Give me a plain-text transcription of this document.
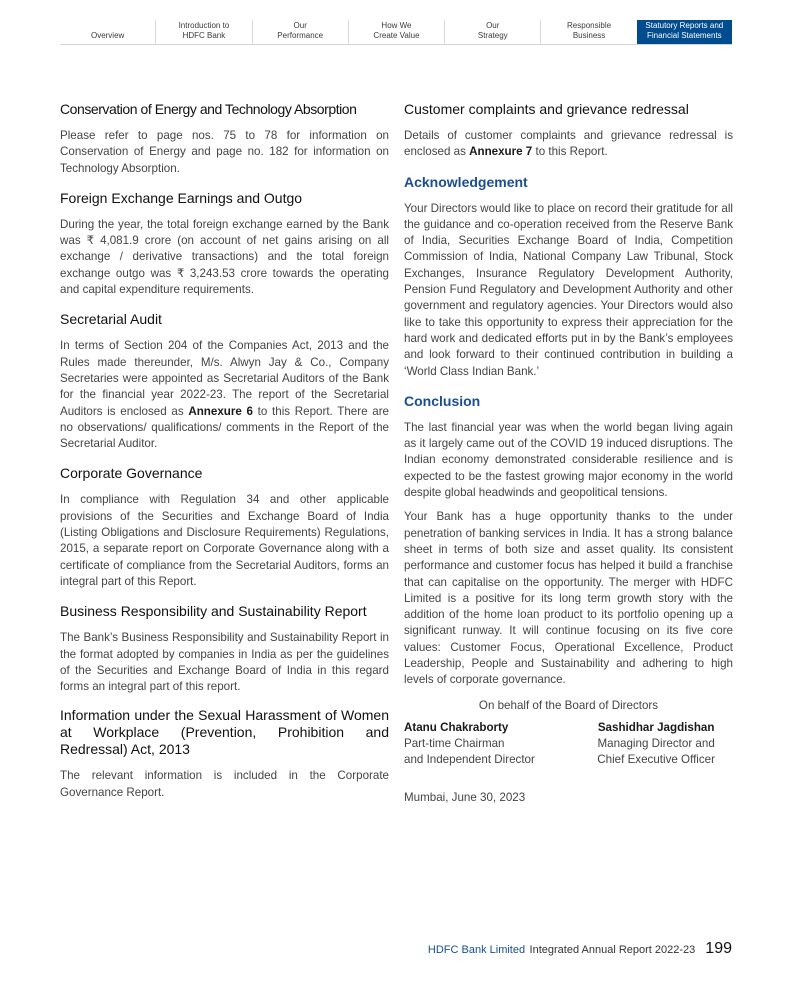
Overview
Introduction to
HDFC Bank
Our
Performance
How We
Create Value
Our
Strategy
Responsible
Business
Statutory Reports and
Financial Statements
Conservation of Energy and Technology Absorption

Please refer to page nos. 75 to 78 for information on Conservation of Energy and page no. 182 for information on Technology Absorption.

Foreign Exchange Earnings and Outgo

During the year, the total foreign exchange earned by the Bank was ₹ 4,081.9 crore (on account of net gains arising on all exchange / derivative transactions) and the total foreign exchange outgo was ₹ 3,243.53 crore towards the operating and capital expenditure requirements.

Secretarial Audit

In terms of Section 204 of the Companies Act, 2013 and the Rules made thereunder, M/s. Alwyn Jay & Co., Company Secretaries were appointed as Secretarial Auditors of the Bank for the financial year 2022-23. The report of the Secretarial Auditors is enclosed as Annexure 6 to this Report. There are no observations/ qualifications/ comments in the Report of the Secretarial Auditor.

Corporate Governance

In compliance with Regulation 34 and other applicable provisions of the Securities and Exchange Board of India (Listing Obligations and Disclosure Requirements) Regulations, 2015, a separate report on Corporate Governance along with a certificate of compliance from the Secretarial Auditors, forms an integral part of this Report.

Business Responsibility and Sustainability Report

The Bank’s Business Responsibility and Sustainability Report in the format adopted by companies in India as per the guidelines of the Securities and Exchange Board of India in this regard forms an integral part of this report.

Information under the Sexual Harassment of Women at Workplace (Prevention, Prohibition and Redressal) Act, 2013

The relevant information is included in the Corporate Governance Report.

Customer complaints and grievance redressal

Details of customer complaints and grievance redressal is enclosed as Annexure 7 to this Report.

Acknowledgement

Your Directors would like to place on record their gratitude for all the guidance and co-operation received from the Reserve Bank of India, Securities Exchange Board of India, Competition Commission of India, National Company Law Tribunal, Stock Exchanges, Insurance Regulatory Development Authority, Pension Fund Regulatory and Development Authority and other government and regulatory agencies. Your Directors would also like to take this opportunity to express their appreciation for the hard work and dedicated efforts put in by the Bank’s employees and look forward to their continued contribution in building a ‘World Class Indian Bank.’

Conclusion

The last financial year was when the world began living again as it largely came out of the COVID 19 induced disruptions. The Indian economy demonstrated considerable resilience and is expected to be the fastest growing major economy in the world despite global headwinds and geopolitical tensions.

Your Bank has a huge opportunity thanks to the under penetration of banking services in India. It has a strong balance sheet in terms of both size and asset quality. Its consistent performance and customer focus has helped it build a franchise that can capitalise on the opportunity. The merger with HDFC Limited is a positive for its long term growth story with the addition of the home loan product to its portfolio opening up a significant runway. It will continue focusing on its five core values: Customer Focus, Operational Excellence, Product Leadership, People and Sustainability and adhering to high levels of corporate governance.

On behalf of the Board of Directors
Atanu Chakraborty
Part-time Chairman
and Independent Director
Sashidhar Jagdishan
Managing Director and
Chief Executive Officer
Mumbai, June 30, 2023
HDFC Bank Limited Integrated Annual Report 2022-23 199
